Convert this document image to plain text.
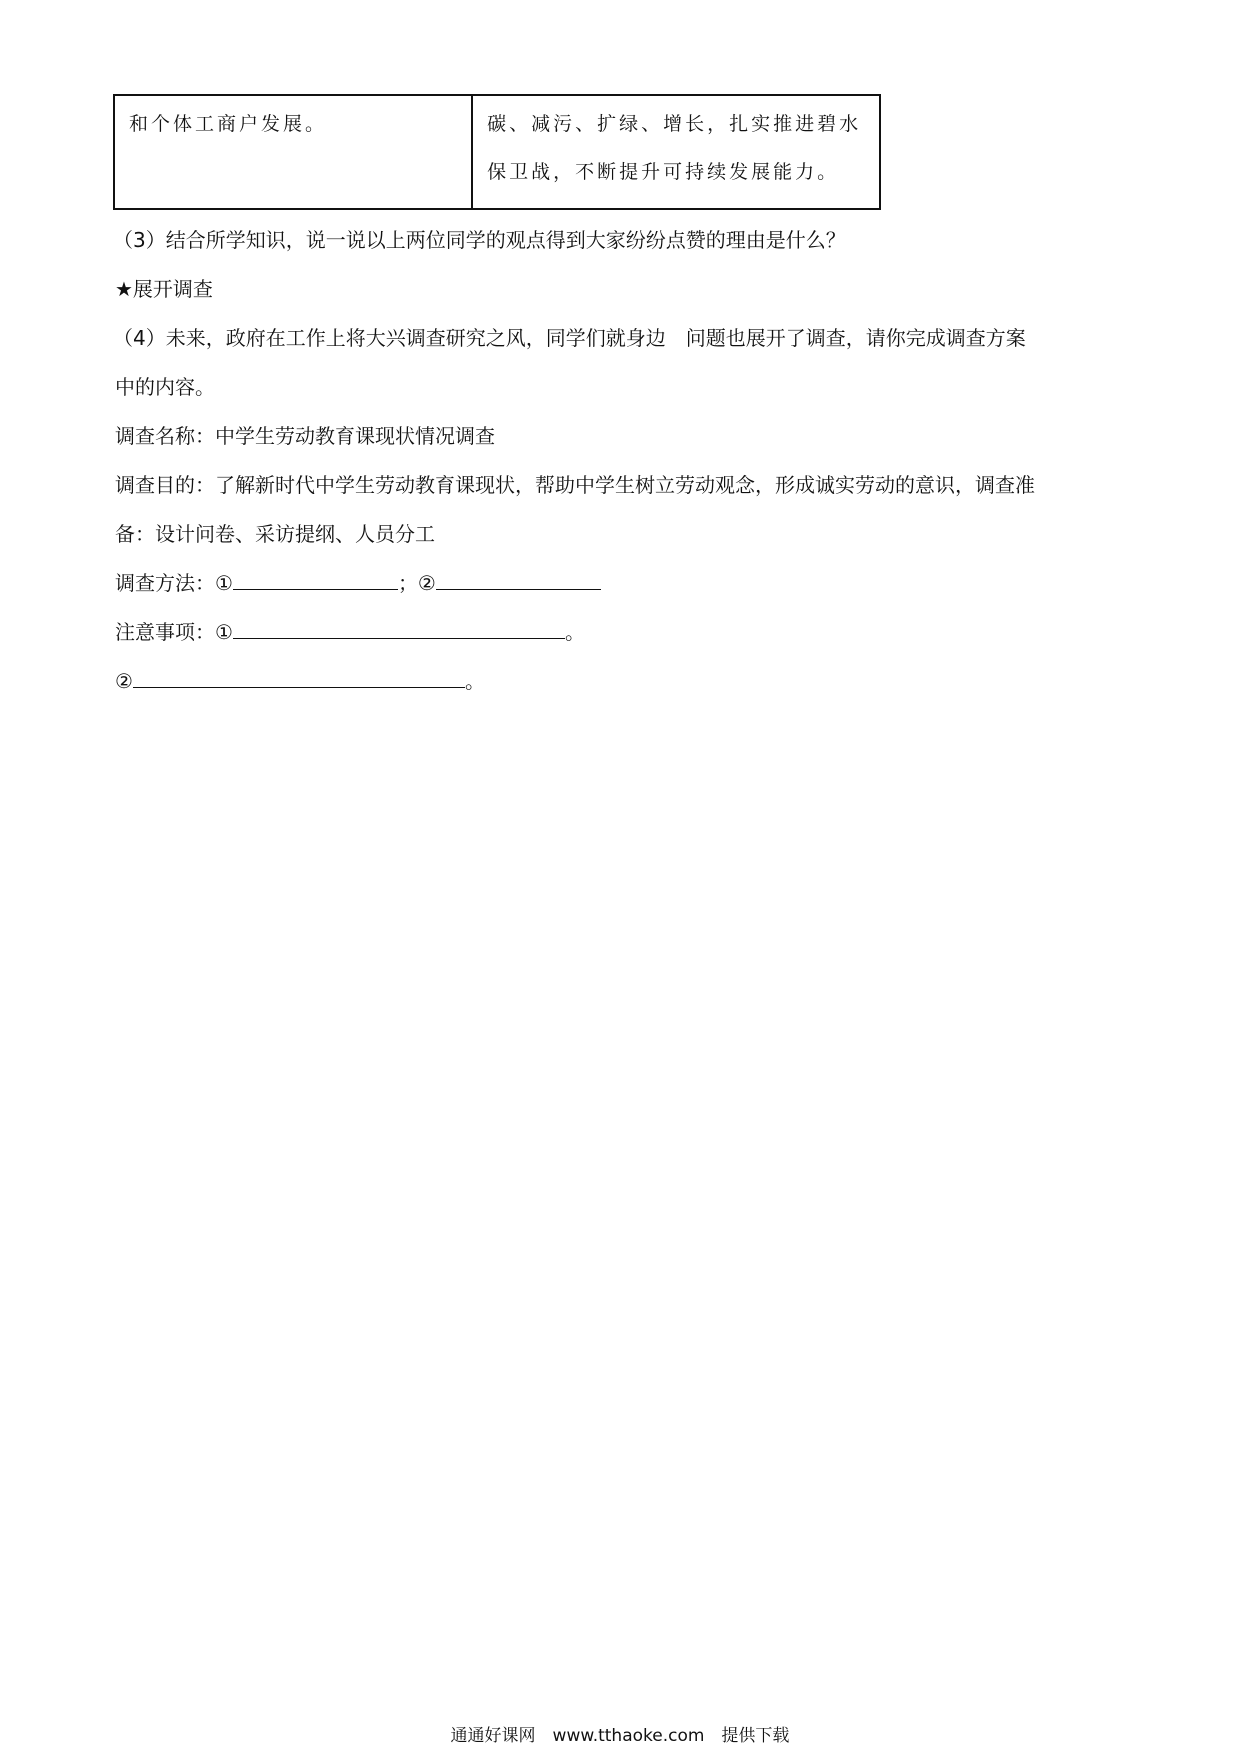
和个体工商户发展。	碳、减污、扩绿、增长，扎实推进碧水
保卫战，不断提升可持续发展能力。
（3）结合所学知识，说一说以上两位同学的观点得到大家纷纷点赞的理由是什么？
★展开调查
（4）未来，政府在工作上将大兴调查研究之风，同学们就身边　问题也展开了调查，请你完成调查方案
中的内容。
调查名称：中学生劳动教育课现状情况调查
调查目的：了解新时代中学生劳动教育课现状，帮助中学生树立劳动观念，形成诚实劳动的意识，调查准
备：设计问卷、采访提纲、人员分工
调查方法：①	；②
注意事项：①	。
②	。
通通好课网　www.tthaoke.com　提供下载
